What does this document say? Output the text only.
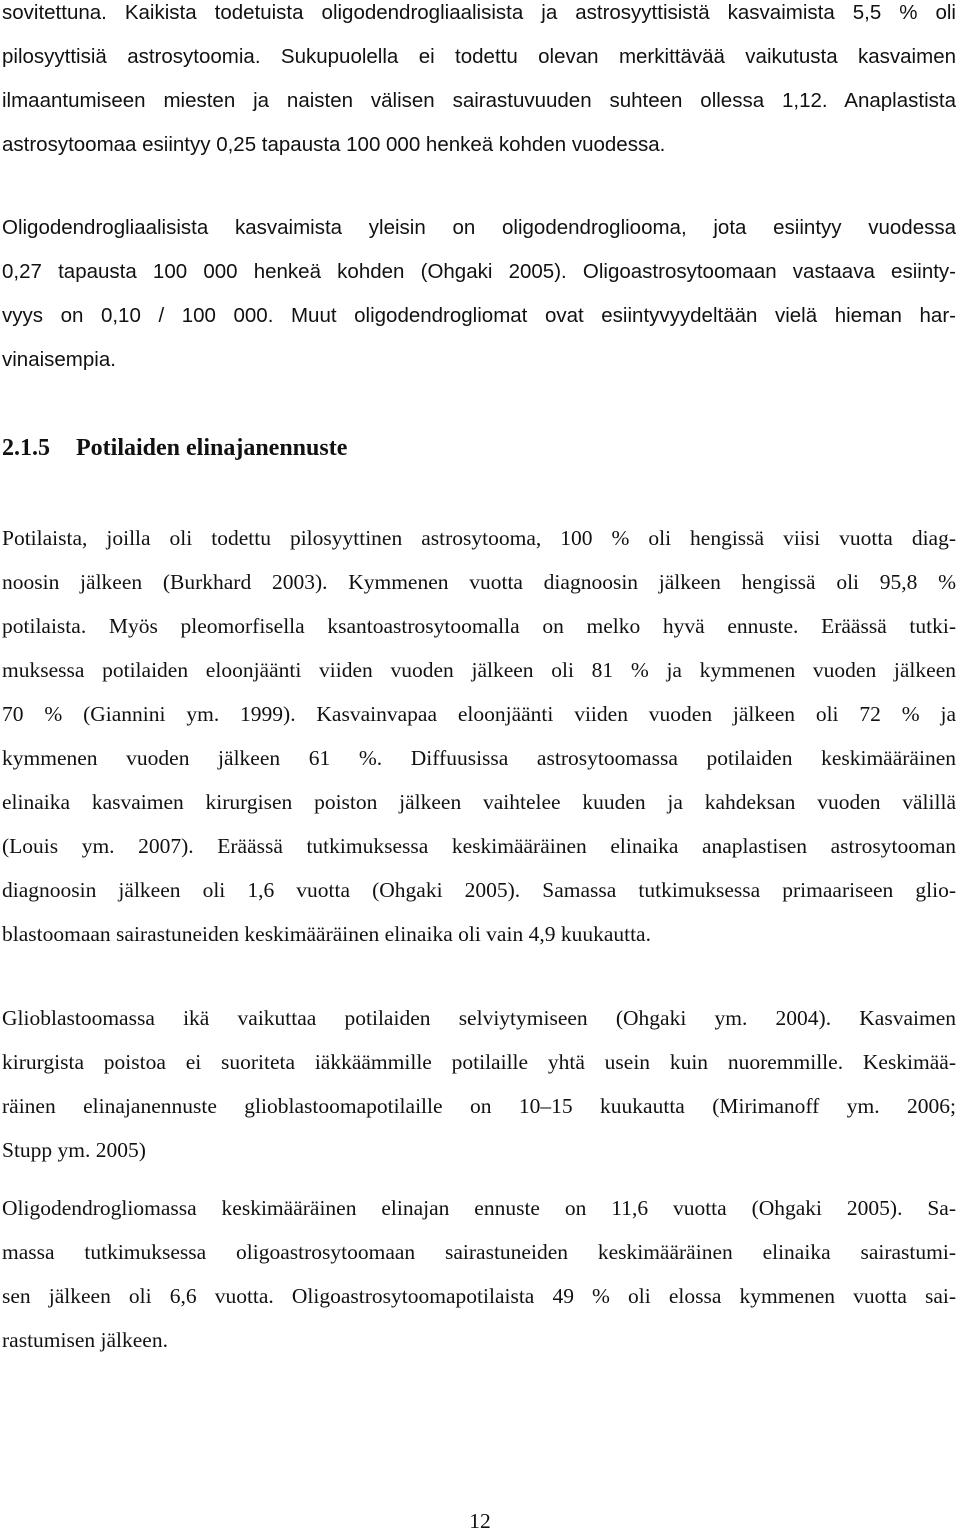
sovitettuna. Kaikista todetuista oligodendrogliaalisista ja astrosyyttisistä kasvaimista 5,5 % oli
pilosyyttisiä astrosytoomia. Sukupuolella ei todettu olevan merkittävää vaikutusta kasvaimen
ilmaantumiseen miesten ja naisten välisen sairastuvuuden suhteen ollessa 1,12. Anaplastista
astrosytoomaa esiintyy 0,25 tapausta 100 000 henkeä kohden vuodessa.
Oligodendrogliaalisista kasvaimista yleisin on oligodendrogliooma, jota esiintyy vuodessa
0,27 tapausta 100 000 henkeä kohden (Ohgaki 2005). Oligoastrosytoomaan vastaava esiinty-
vyys on 0,10 / 100 000. Muut oligodendrogliomat ovat esiintyvyydeltään vielä hieman har-
vinaisempia.
2.1.5 Potilaiden elinajanennuste
Potilaista, joilla oli todettu pilosyyttinen astrosytooma, 100 % oli hengissä viisi vuotta diag-
noosin jälkeen (Burkhard 2003). Kymmenen vuotta diagnoosin jälkeen hengissä oli 95,8 %
potilaista. Myös pleomorfisella ksantoastrosytoomalla on melko hyvä ennuste. Eräässä tutki-
muksessa potilaiden eloonjäänti viiden vuoden jälkeen oli 81 % ja kymmenen vuoden jälkeen
70 % (Giannini ym. 1999). Kasvainvapaa eloonjäänti viiden vuoden jälkeen oli 72 % ja
kymmenen vuoden jälkeen 61 %. Diffuusissa astrosytoomassa potilaiden keskimääräinen
elinaika kasvaimen kirurgisen poiston jälkeen vaihtelee kuuden ja kahdeksan vuoden välillä
(Louis ym. 2007). Eräässä tutkimuksessa keskimääräinen elinaika anaplastisen astrosytooman
diagnoosin jälkeen oli 1,6 vuotta (Ohgaki 2005). Samassa tutkimuksessa primaariseen glio-
blastoomaan sairastuneiden keskimääräinen elinaika oli vain 4,9 kuukautta.
Glioblastoomassa ikä vaikuttaa potilaiden selviytymiseen (Ohgaki ym. 2004). Kasvaimen
kirurgista poistoa ei suoriteta iäkkäämmille potilaille yhtä usein kuin nuoremmille. Keskimää-
räinen elinajanennuste glioblastoomapotilaille on 10–15 kuukautta (Mirimanoff ym. 2006;
Stupp ym. 2005)
Oligodendrogliomassa keskimääräinen elinajan ennuste on 11,6 vuotta (Ohgaki 2005). Sa-
massa tutkimuksessa oligoastrosytoomaan sairastuneiden keskimääräinen elinaika sairastumi-
sen jälkeen oli 6,6 vuotta. Oligoastrosytoomapotilaista 49 % oli elossa kymmenen vuotta sai-
rastumisen jälkeen.
12
